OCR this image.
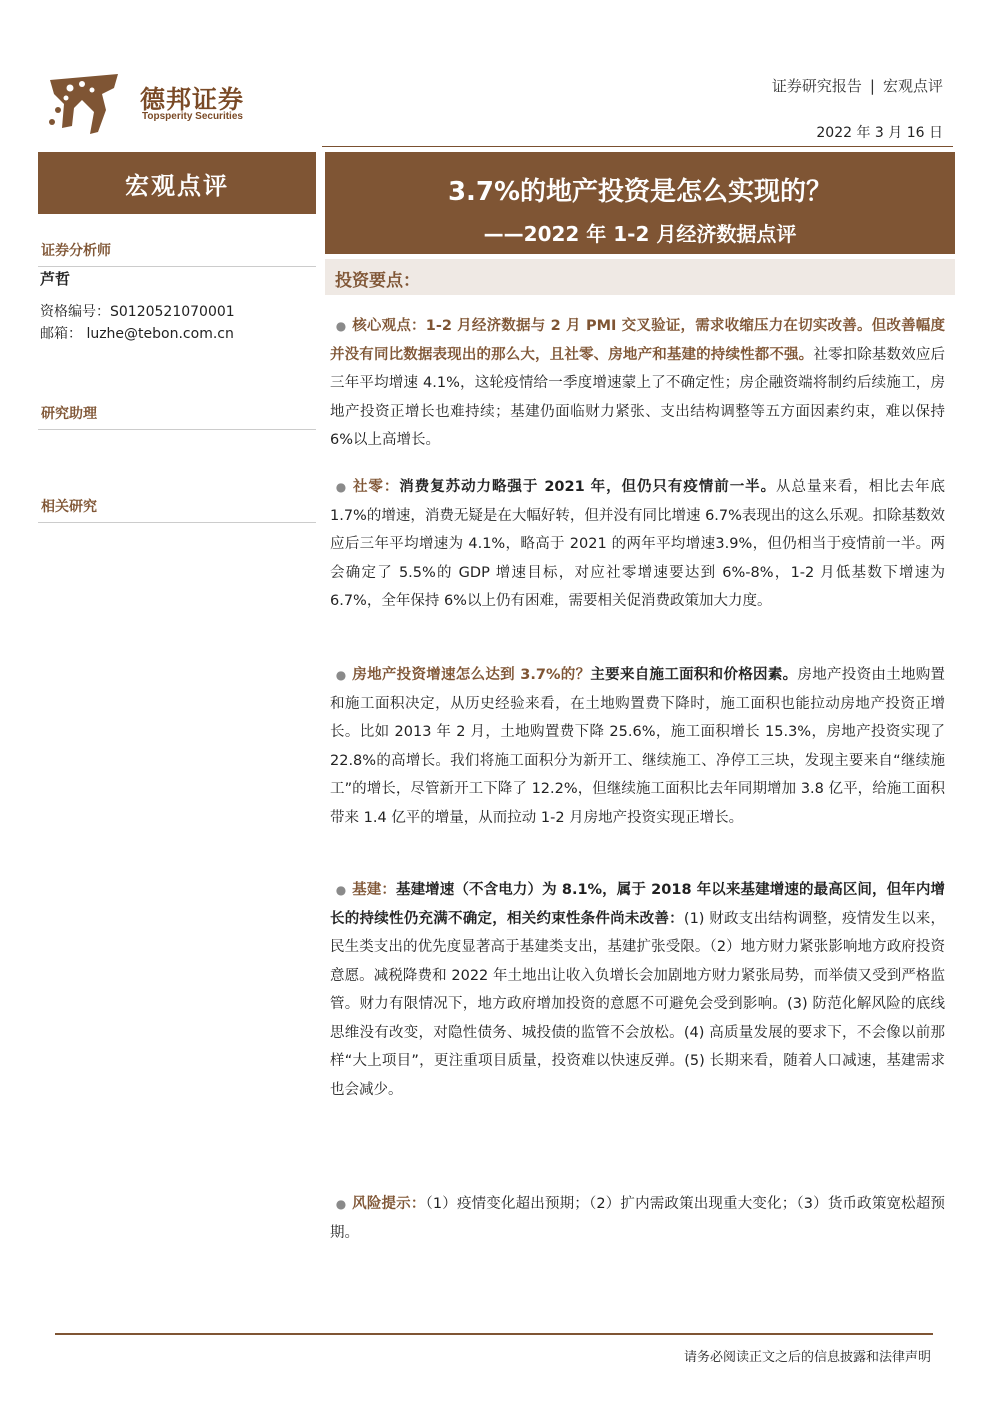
德邦证券
Topsperity Securities
证券研究报告 | 宏观点评
2022 年 3 月 16 日
宏观点评
证券分析师
芦哲
资格编号：S0120521070001
邮箱： luzhe@tebon.com.cn
研究助理
相关研究
3.7%的地产投资是怎么实现的？
——2022 年 1-2 月经济数据点评
投资要点：
● 核心观点：1-2 月经济数据与 2 月 PMI 交叉验证，需求收缩压力在切实改善。但改善幅度并没有同比数据表现出的那么大，且社零、房地产和基建的持续性都不强。社零扣除基数效应后三年平均增速 4.1%，这轮疫情给一季度增速蒙上了不确定性；房企融资端将制约后续施工，房地产投资正增长也难持续；基建仍面临财力紧张、支出结构调整等五方面因素约束，难以保持 6%以上高增长。
● 社零：消费复苏动力略强于 2021 年，但仍只有疫情前一半。从总量来看，相比去年底 1.7%的增速，消费无疑是在大幅好转，但并没有同比增速 6.7%表现出的这么乐观。扣除基数效应后三年平均增速为 4.1%，略高于 2021 的两年平均增速3.9%，但仍相当于疫情前一半。两会确定了 5.5%的 GDP 增速目标，对应社零增速要达到 6%-8%，1-2 月低基数下增速为 6.7%，全年保持 6%以上仍有困难，需要相关促消费政策加大力度。
● 房地产投资增速怎么达到 3.7%的？主要来自施工面积和价格因素。房地产投资由土地购置和施工面积决定，从历史经验来看，在土地购置费下降时，施工面积也能拉动房地产投资正增长。比如 2013 年 2 月，土地购置费下降 25.6%，施工面积增长 15.3%，房地产投资实现了 22.8%的高增长。我们将施工面积分为新开工、继续施工、净停工三块，发现主要来自“继续施工”的增长，尽管新开工下降了 12.2%，但继续施工面积比去年同期增加 3.8 亿平，给施工面积带来 1.4 亿平的增量，从而拉动 1-2 月房地产投资实现正增长。
● 基建：基建增速（不含电力）为 8.1%，属于 2018 年以来基建增速的最高区间，但年内增长的持续性仍充满不确定，相关约束性条件尚未改善：(1) 财政支出结构调整，疫情发生以来，民生类支出的优先度显著高于基建类支出，基建扩张受限。（2）地方财力紧张影响地方政府投资意愿。减税降费和 2022 年土地出让收入负增长会加剧地方财力紧张局势，而举债又受到严格监管。财力有限情况下，地方政府增加投资的意愿不可避免会受到影响。(3) 防范化解风险的底线思维没有改变，对隐性债务、城投债的监管不会放松。(4) 高质量发展的要求下，不会像以前那样“大上项目”，更注重项目质量，投资难以快速反弹。(5) 长期来看，随着人口减速，基建需求也会减少。
● 风险提示：（1）疫情变化超出预期；（2）扩内需政策出现重大变化；（3）货币政策宽松超预期。
请务必阅读正文之后的信息披露和法律声明
